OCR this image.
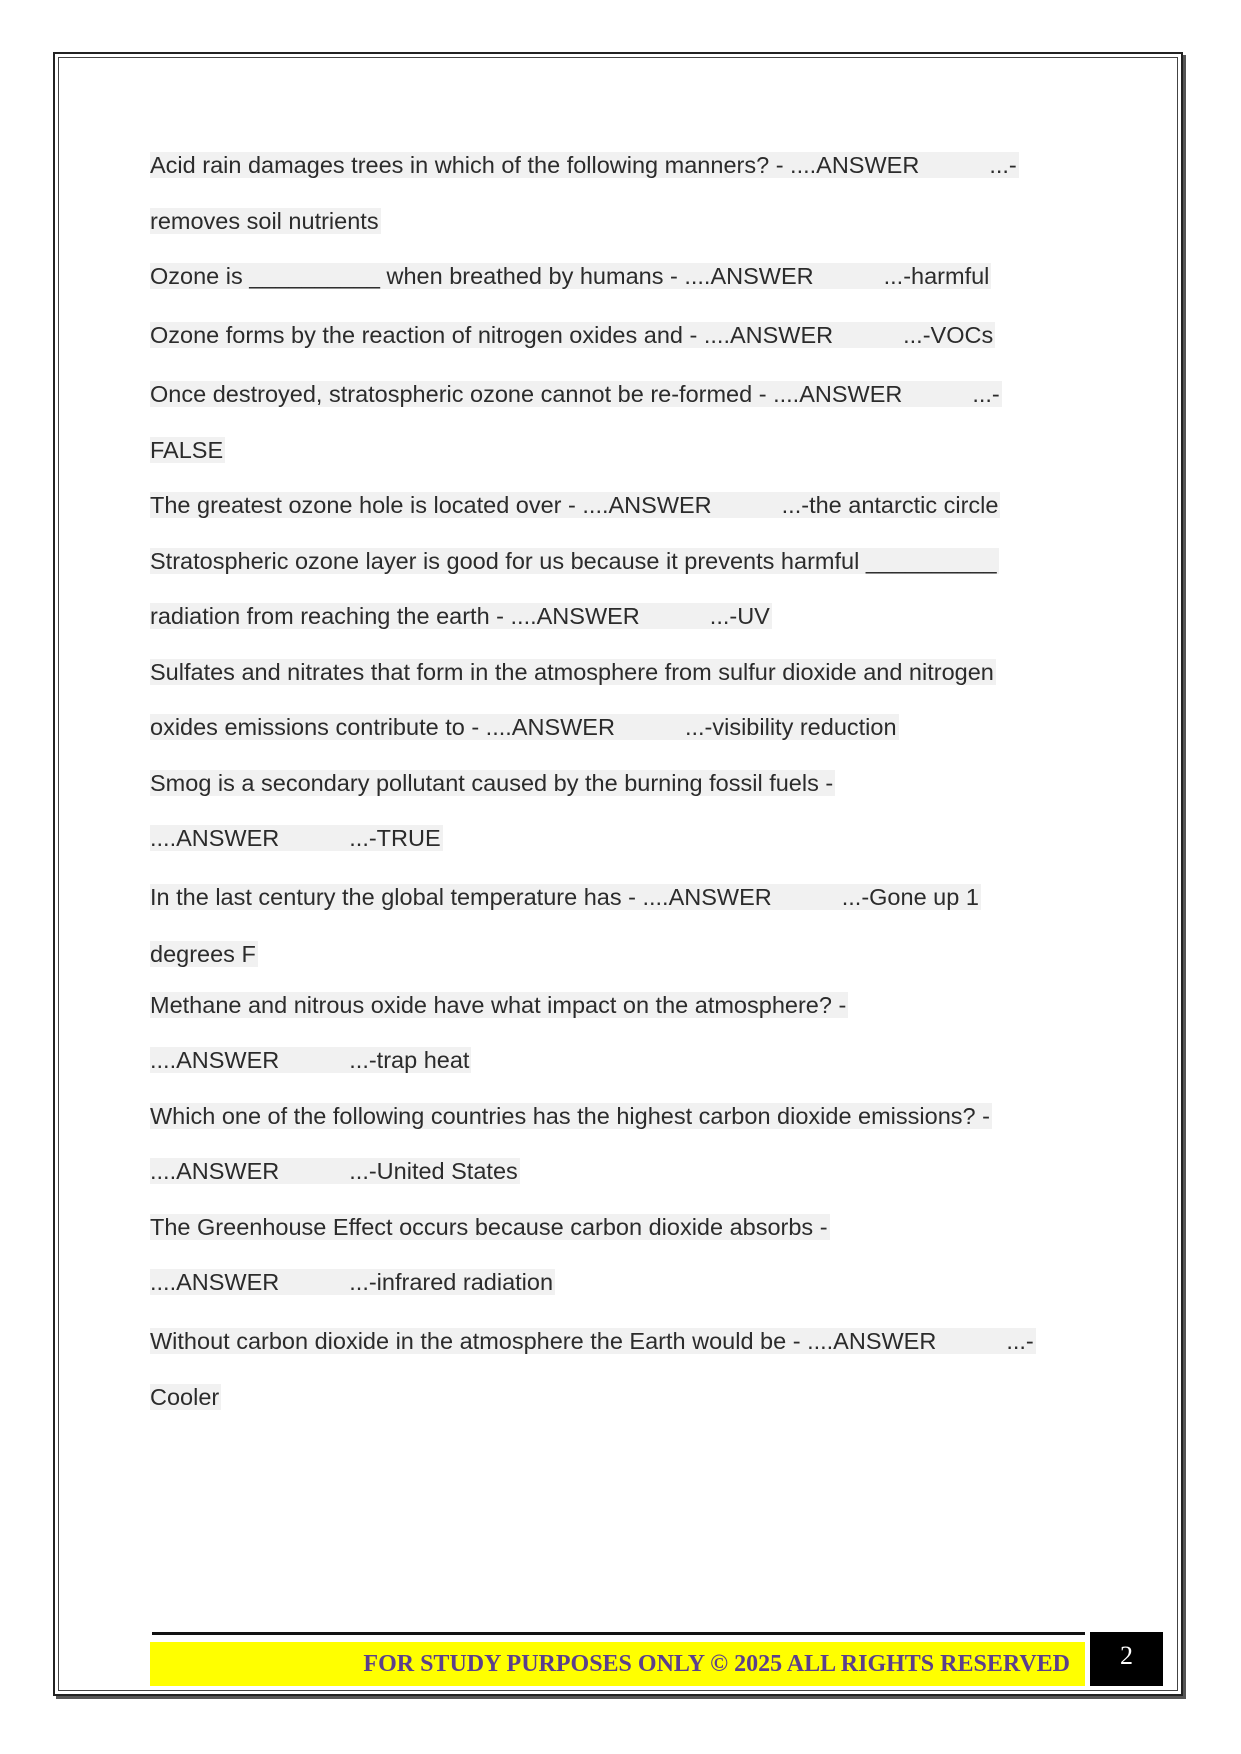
Acid rain damages trees in which of the following manners? - ....ANSWER	...-
removes soil nutrients
Ozone is __________ when breathed by humans - ....ANSWER	...-harmful
Ozone forms by the reaction of nitrogen oxides and - ....ANSWER	...-VOCs
Once destroyed, stratospheric ozone cannot be re-formed - ....ANSWER	...-
FALSE
The greatest ozone hole is located over - ....ANSWER	...-the antarctic circle
Stratospheric ozone layer is good for us because it prevents harmful __________
radiation from reaching the earth - ....ANSWER	...-UV
Sulfates and nitrates that form in the atmosphere from sulfur dioxide and nitrogen
oxides emissions contribute to - ....ANSWER	...-visibility reduction
Smog is a secondary pollutant caused by the burning fossil fuels -
....ANSWER	...-TRUE
In the last century the global temperature has - ....ANSWER	...-Gone up 1
degrees F
Methane and nitrous oxide have what impact on the atmosphere? -
....ANSWER	...-trap heat
Which one of the following countries has the highest carbon dioxide emissions? -
....ANSWER	...-United States
The Greenhouse Effect occurs because carbon dioxide absorbs -
....ANSWER	...-infrared radiation
Without carbon dioxide in the atmosphere the Earth would be - ....ANSWER	...-
Cooler
FOR STUDY PURPOSES ONLY © 2025 ALL RIGHTS RESERVED	2
